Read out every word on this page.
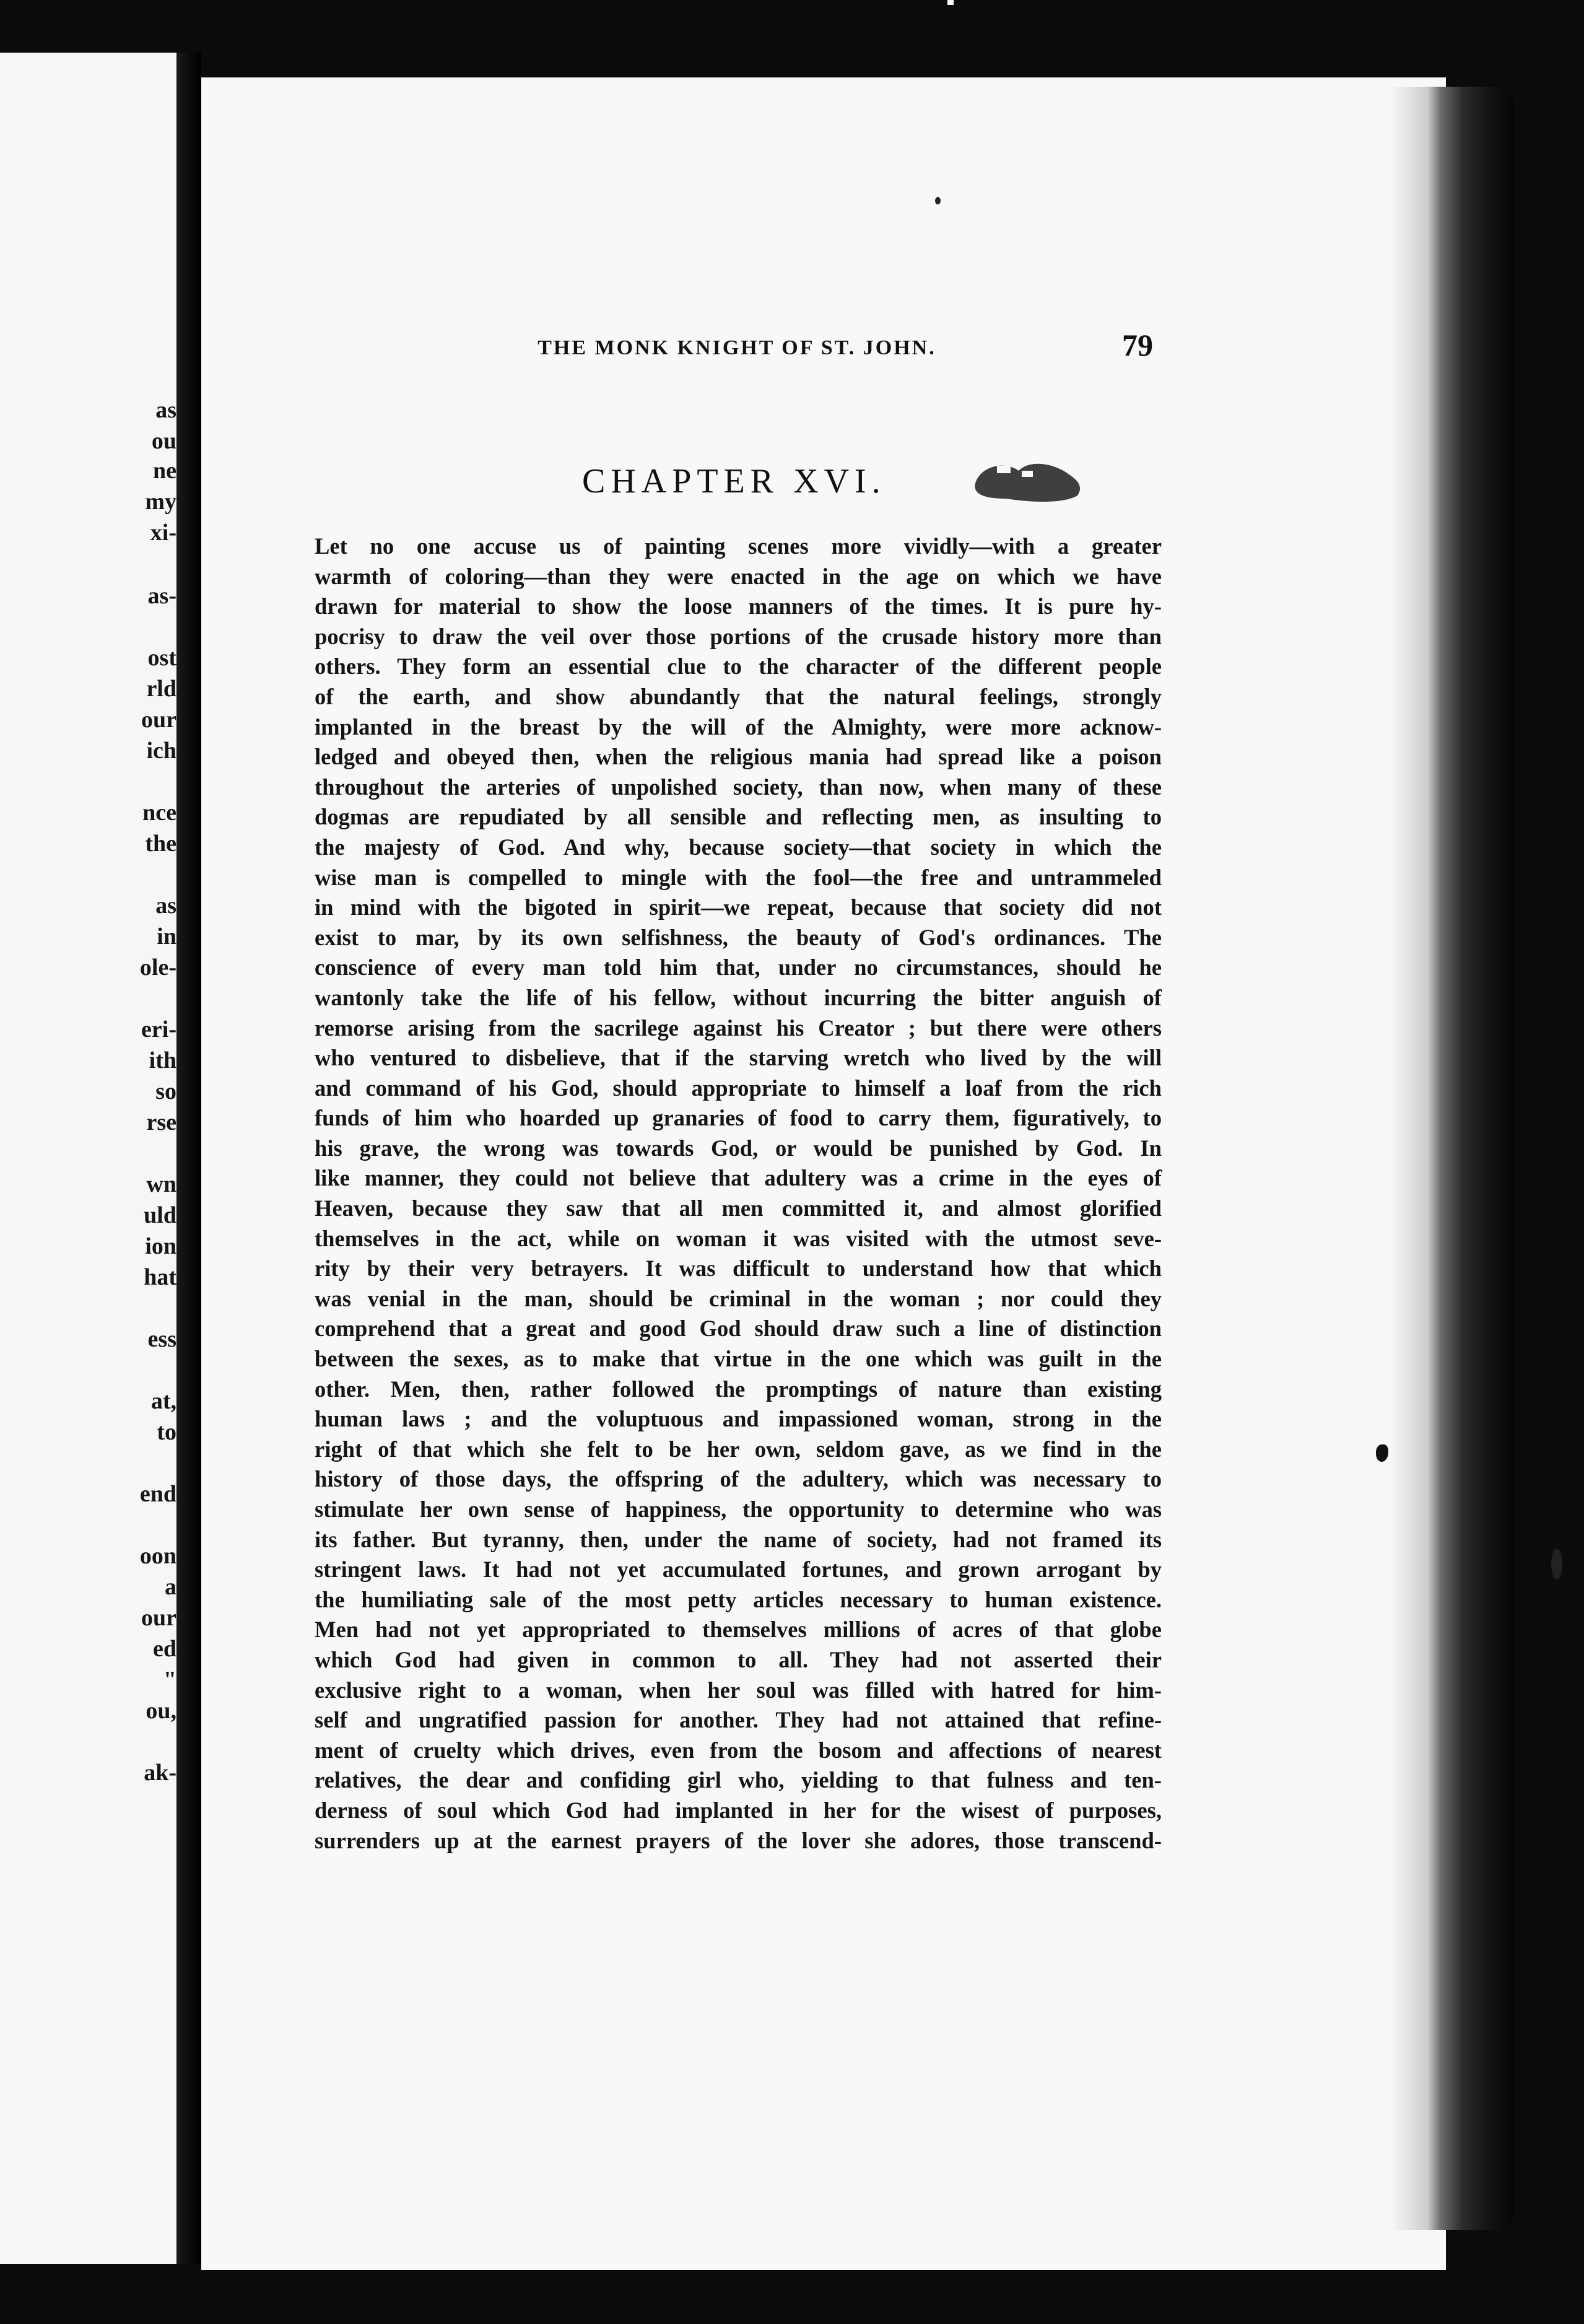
as
ou
ne
my
xi-
as-
ost
rld
our
ich
nce
the
as
in
ole-
eri-
ith
so
rse
wn
uld
ion
hat
ess
at,
to
end
oon
a
our
ed
"
ou,
ak-
THE MONK KNIGHT OF ST. JOHN.	79
CHAPTER XVI.
Let no one accuse us of painting scenes more vividly—with a greater
warmth of coloring—than they were enacted in the age on which we have
drawn for material to show the loose manners of the times. It is pure hy-
pocrisy to draw the veil over those portions of the crusade history more than
others. They form an essential clue to the character of the different people
of the earth, and show abundantly that the natural feelings, strongly
implanted in the breast by the will of the Almighty, were more acknow-
ledged and obeyed then, when the religious mania had spread like a poison
throughout the arteries of unpolished society, than now, when many of these
dogmas are repudiated by all sensible and reflecting men, as insulting to
the majesty of God. And why, because society—that society in which the
wise man is compelled to mingle with the fool—the free and untrammeled
in mind with the bigoted in spirit—we repeat, because that society did not
exist to mar, by its own selfishness, the beauty of God's ordinances. The
conscience of every man told him that, under no circumstances, should he
wantonly take the life of his fellow, without incurring the bitter anguish of
remorse arising from the sacrilege against his Creator ; but there were others
who ventured to disbelieve, that if the starving wretch who lived by the will
and command of his God, should appropriate to himself a loaf from the rich
funds of him who hoarded up granaries of food to carry them, figuratively, to
his grave, the wrong was towards God, or would be punished by God. In
like manner, they could not believe that adultery was a crime in the eyes of
Heaven, because they saw that all men committed it, and almost glorified
themselves in the act, while on woman it was visited with the utmost seve-
rity by their very betrayers. It was difficult to understand how that which
was venial in the man, should be criminal in the woman ; nor could they
comprehend that a great and good God should draw such a line of distinction
between the sexes, as to make that virtue in the one which was guilt in the
other. Men, then, rather followed the promptings of nature than existing
human laws ; and the voluptuous and impassioned woman, strong in the
right of that which she felt to be her own, seldom gave, as we find in the
history of those days, the offspring of the adultery, which was necessary to
stimulate her own sense of happiness, the opportunity to determine who was
its father. But tyranny, then, under the name of society, had not framed its
stringent laws. It had not yet accumulated fortunes, and grown arrogant by
the humiliating sale of the most petty articles necessary to human existence.
Men had not yet appropriated to themselves millions of acres of that globe
which God had given in common to all. They had not asserted their
exclusive right to a woman, when her soul was filled with hatred for him-
self and ungratified passion for another. They had not attained that refine-
ment of cruelty which drives, even from the bosom and affections of nearest
relatives, the dear and confiding girl who, yielding to that fulness and ten-
derness of soul which God had implanted in her for the wisest of purposes,
surrenders up at the earnest prayers of the lover she adores, those transcend-
